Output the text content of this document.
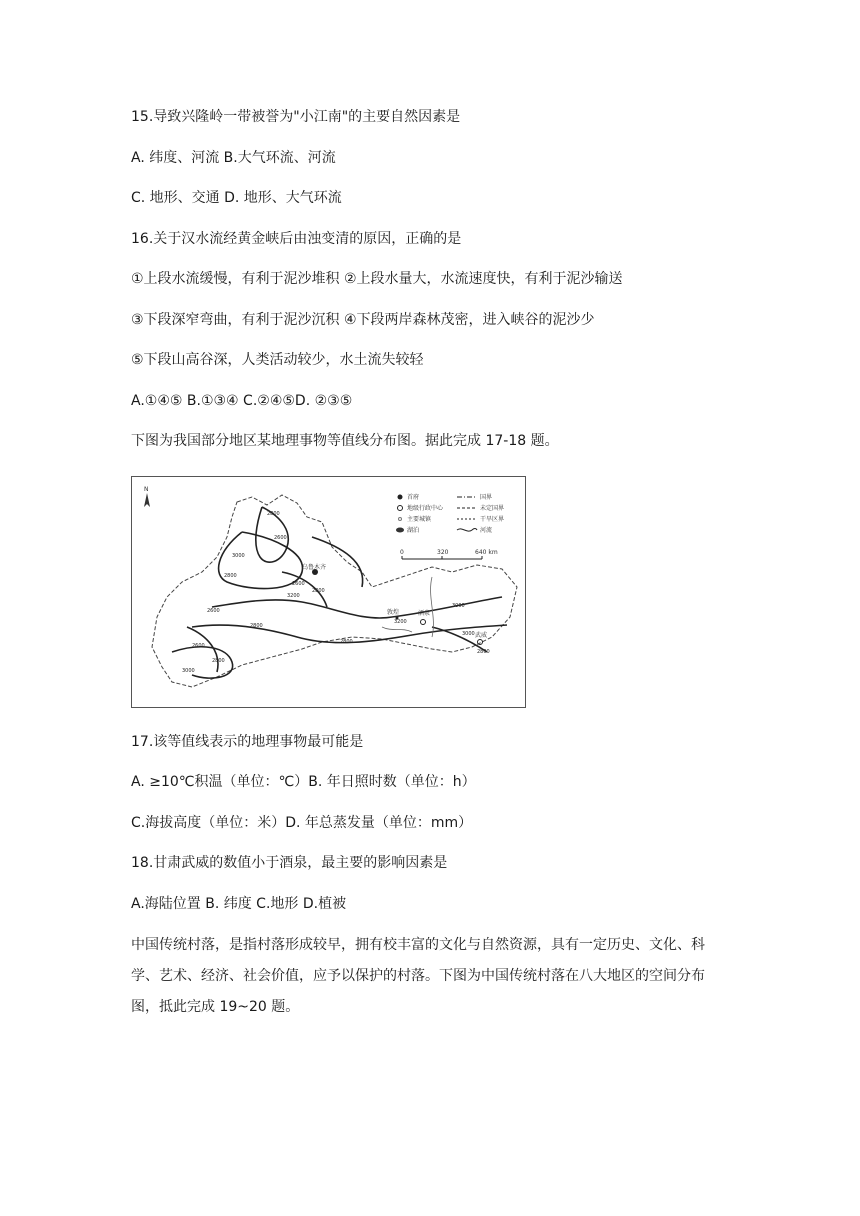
15.导致兴隆岭一带被誉为"小江南"的主要自然因素是
A. 纬度、河流 B.大气环流、河流
C. 地形、交通 D. 地形、大气环流
16.关于汉水流经黄金峡后由浊变清的原因，正确的是
①上段水流缓慢，有利于泥沙堆积 ②上段水量大，水流速度快，有利于泥沙输送
③下段深窄弯曲，有利于泥沙沉积 ④下段两岸森林茂密，进入峡谷的泥沙少
⑤下段山高谷深，人类活动较少，水土流失较轻
A.①④⑤ B.①③④ C.②④⑤D. ②③⑤
下图为我国部分地区某地理事物等值线分布图。据此完成 17-18 题。
N
乌鲁木齐
敦煌	酒泉
武威
2800
2600
3000
2800
2600
2800
2600
2800
3200
3000
2800
2600
2800
3000
3200
3000
2800
首府	国界
地级行政中心	未定国界
主要城镇	干旱区界
湖泊	河流
0	320	640 km
17.该等值线表示的地理事物最可能是
A. ≥10℃积温（单位：℃）B. 年日照时数（单位：h）
C.海拔高度（单位：米）D. 年总蒸发量（单位：mm）
18.甘肃武威的数值小于酒泉，最主要的影响因素是
A.海陆位置 B. 纬度 C.地形 D.植被
中国传统村落，是指村落形成较早，拥有校丰富的文化与自然资源，具有一定历史、文化、科学、艺术、经济、社会价值，应予以保护的村落。下图为中国传统村落在八大地区的空间分布图，抵此完成 19~20 题。
